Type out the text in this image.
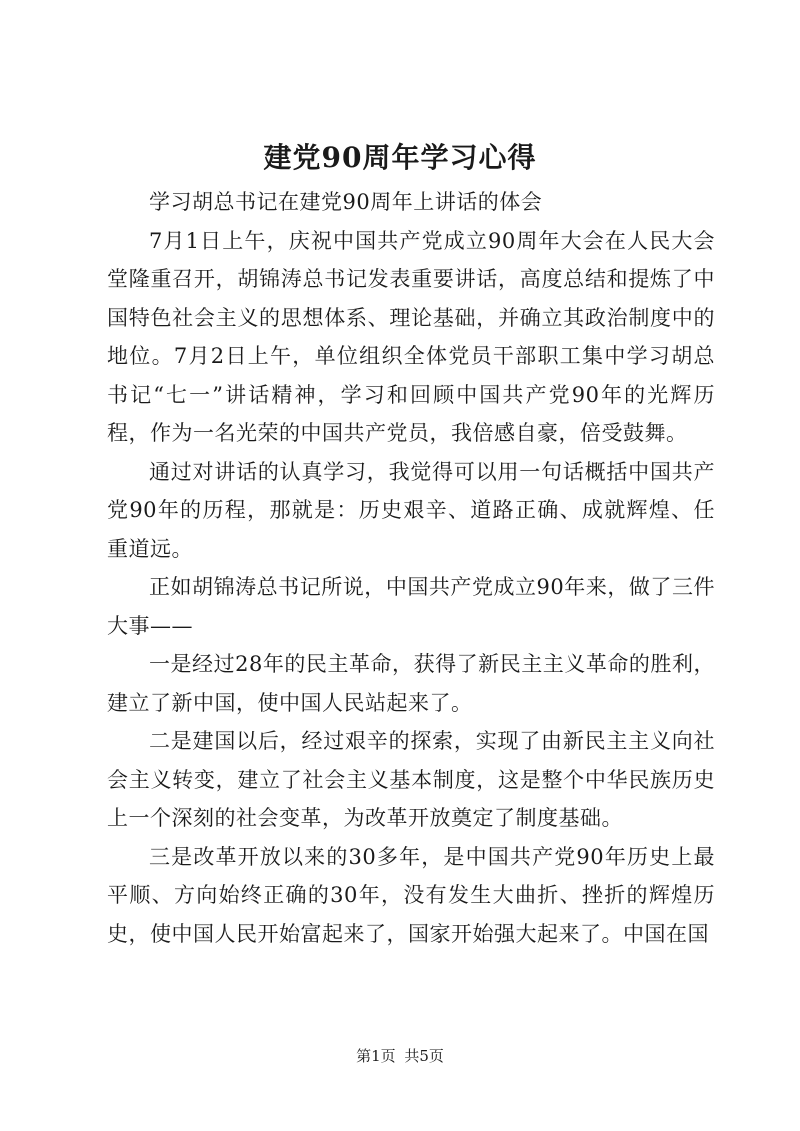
建党90周年学习心得

学习胡总书记在建党90周年上讲话的体会

7月1日上午，庆祝中国共产党成立90周年大会在人民大会堂隆重召开，胡锦涛总书记发表重要讲话，高度总结和提炼了中国特色社会主义的思想体系、理论基础，并确立其政治制度中的地位。7月2日上午，单位组织全体党员干部职工集中学习胡总书记“七一”讲话精神，学习和回顾中国共产党90年的光辉历程，作为一名光荣的中国共产党员，我倍感自豪，倍受鼓舞。

通过对讲话的认真学习，我觉得可以用一句话概括中国共产党90年的历程，那就是：历史艰辛、道路正确、成就辉煌、任重道远。

正如胡锦涛总书记所说，中国共产党成立90年来，做了三件大事——

一是经过28年的民主革命，获得了新民主主义革命的胜利，建立了新中国，使中国人民站起来了。

二是建国以后，经过艰辛的探索，实现了由新民主主义向社会主义转变，建立了社会主义基本制度，这是整个中华民族历史上一个深刻的社会变革，为改革开放奠定了制度基础。

三是改革开放以来的30多年，是中国共产党90年历史上最平顺、方向始终正确的30年，没有发生大曲折、挫折的辉煌历史，使中国人民开始富起来了，国家开始强大起来了。中国在国

第1页 共5页
